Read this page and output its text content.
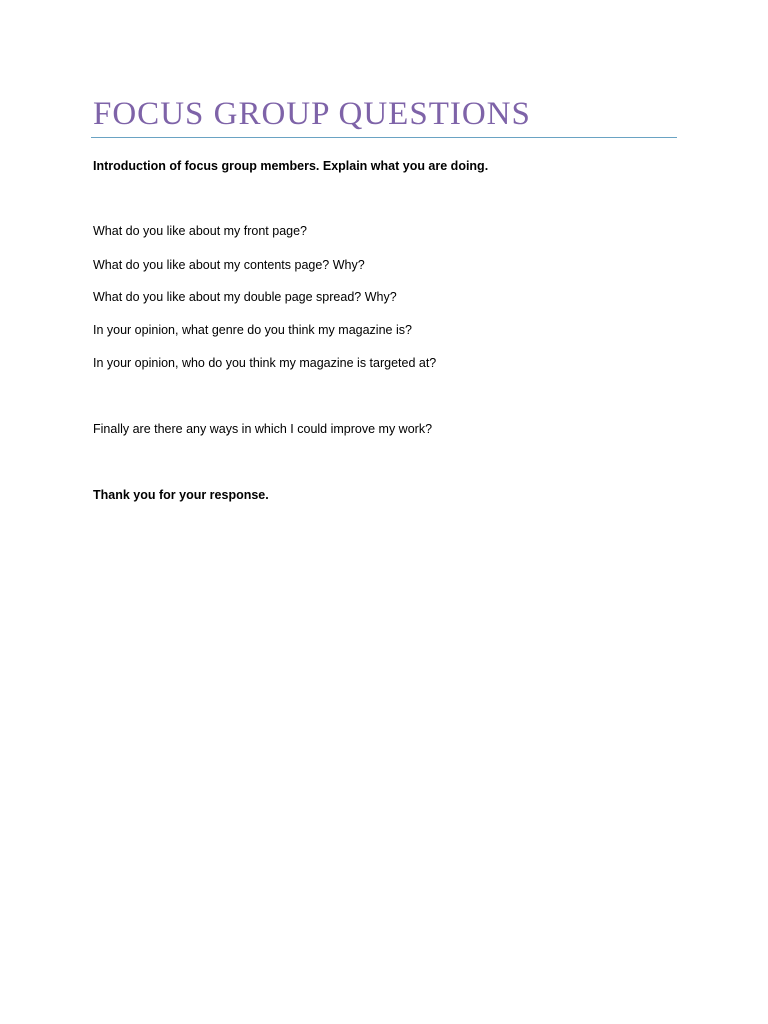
FOCUS GROUP QUESTIONS

Introduction of focus group members. Explain what you are doing.

What do you like about my front page?

What do you like about my contents page? Why?

What do you like about my double page spread? Why?

In your opinion, what genre do you think my magazine is?

In your opinion, who do you think my magazine is targeted at?

Finally are there any ways in which I could improve my work?

Thank you for your response.
